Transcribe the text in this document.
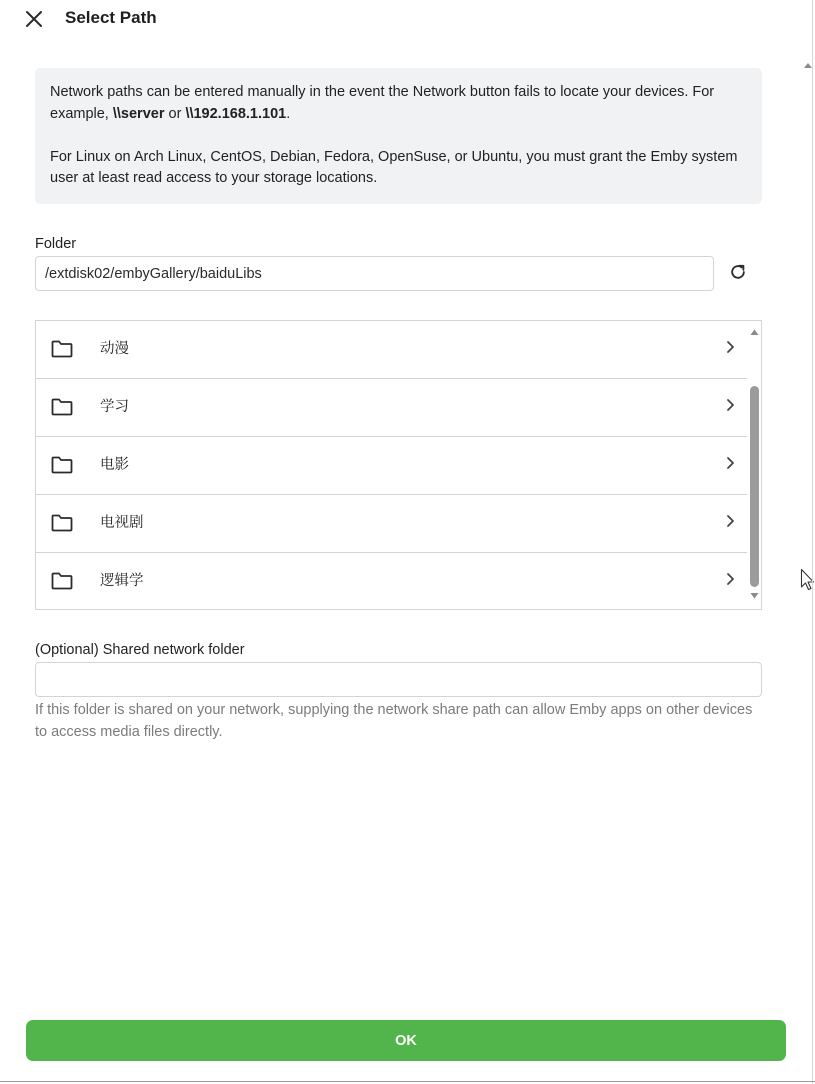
Select Path

Network paths can be entered manually in the event the Network button fails to locate your devices. For example, \\server or \\192.168.1.101.

For Linux on Arch Linux, CentOS, Debian, Fedora, OpenSuse, or Ubuntu, you must grant the Emby system user at least read access to your storage locations.

Folder
/extdisk02/embyGallery/baiduLibs
动漫
学习
电影
电视剧
逻辑学
(Optional) Shared network folder
If this folder is shared on your network, supplying the network share path can allow Emby apps on other devices to access media files directly.
OK
